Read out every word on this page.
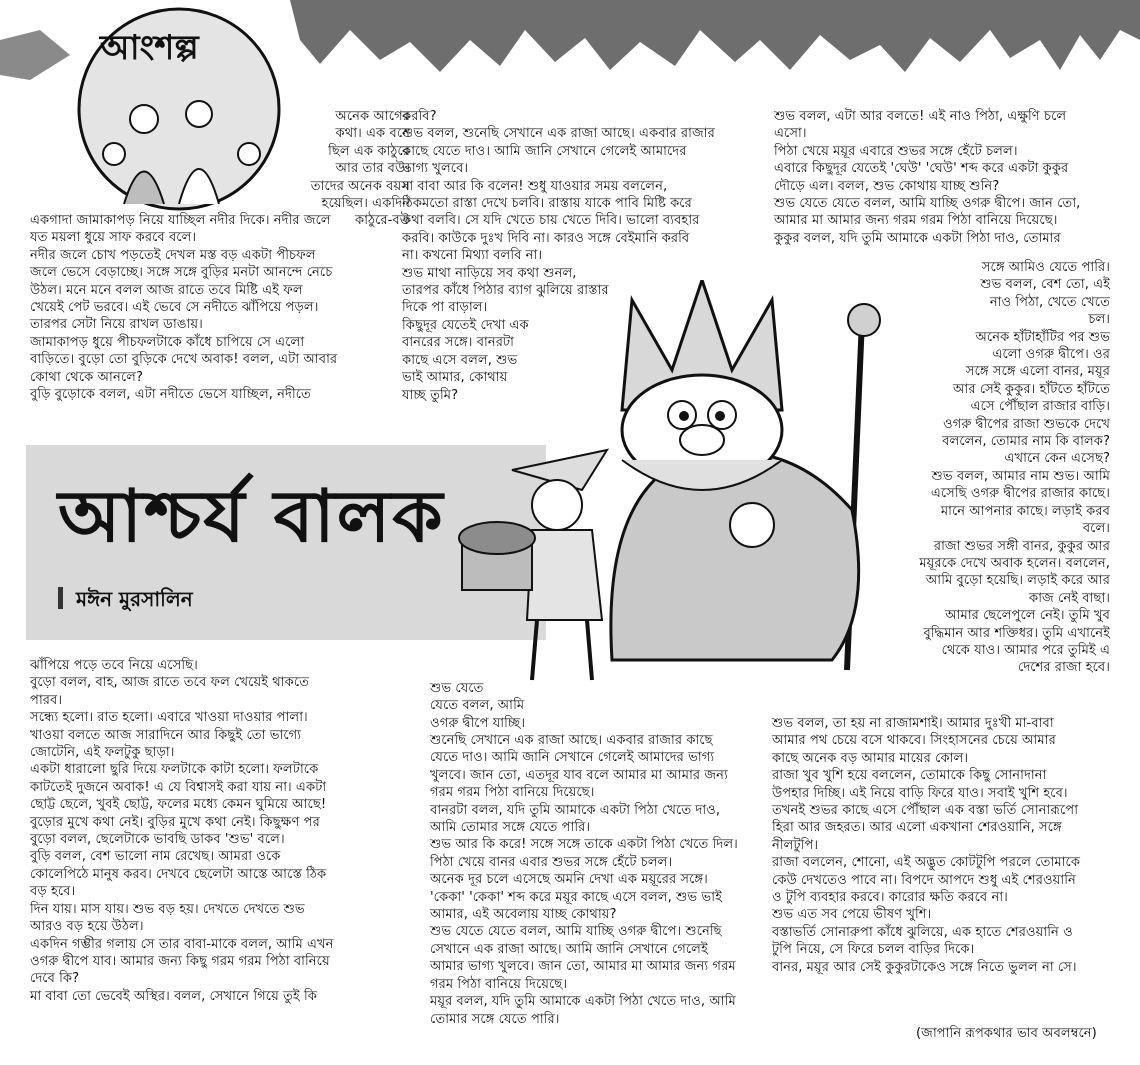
আংশল্প

অনেক আগের

কথা। এক বনে

ছিল এক কাঠুরে

আর তার বউ।

তাদের অনেক বয়স

হয়েছিল। একদিন কাঠুরে-বউ

একগাদা জামাকাপড় নিয়ে যাচ্ছিল নদীর দিকে। নদীর জলে

যত ময়লা ধুয়ে সাফ করবে বলে।

নদীর জলে চোখ পড়তেই দেখল মস্ত বড় একটা পীচফল

জলে ভেসে বেড়াচ্ছে। সঙ্গে সঙ্গে বুড়ির মনটা আনন্দে নেচে

উঠল। মনে মনে বলল আজ রাতে তবে মিষ্টি এই ফল

খেয়েই পেট ভরবে। এই ভেবে সে নদীতে ঝাঁপিয়ে পড়ল।

তারপর সেটা নিয়ে রাখল ডাঙায়।

জামাকাপড় ধুয়ে পীচফলটাকে কাঁধে চাপিয়ে সে এলো

বাড়িতে। বুড়ো তো বুড়িকে দেখে অবাক! বলল, এটা আবার

কোথা থেকে আনলে?

বুড়ি বুড়োকে বলল, এটা নদীতে ভেসে যাচ্ছিল, নদীতে

করবি?

শুভ বলল, শুনেছি সেখানে এক রাজা আছে। একবার রাজার

কাছে যেতে দাও। আমি জানি সেখানে গেলেই আমাদের

ভাগ্য খুলবে।

মা বাবা আর কি বলেন! শুধু যাওয়ার সময় বললেন,

ঠিকমতো রাস্তা দেখে চলবি। রাস্তায় যাকে পাবি মিষ্টি করে

কথা বলবি। সে যদি খেতে চায় খেতে দিবি। ভালো ব্যবহার

করবি। কাউকে দুঃখ দিবি না। কারও সঙ্গে বেইমানি করবি

না। কখনো মিথ্যা বলবি না।

শুভ মাথা নাড়িয়ে সব কথা শুনল,

তারপর কাঁধে পিঠার ব্যাগ ঝুলিয়ে রাস্তার

দিকে পা বাড়াল।

কিছুদূর যেতেই দেখা এক

বানরের সঙ্গে। বানরটা

কাছে এসে বলল, শুভ

ভাই আমার, কোথায়

যাচ্ছ তুমি?

শুভ বলল, এটা আর বলতে! এই নাও পিঠা, এক্ষুণি চলে

এসো।

পিঠা খেয়ে ময়ূর এবারে শুভর সঙ্গে হেঁটে চলল।

এবারে কিছুদূর যেতেই 'ঘেউ' 'ঘেউ' শব্দ করে একটা কুকুর

দৌড়ে এল। বলল, শুভ কোথায় যাচ্ছ শুনি?

শুভ যেতে যেতে বলল, আমি যাচ্ছি ওগরু দ্বীপে। জান তো,

আমার মা আমার জন্য গরম গরম পিঠা বানিয়ে দিয়েছে।

কুকুর বলল, যদি তুমি আমাকে একটা পিঠা দাও, তোমার

সঙ্গে আমিও যেতে পারি।

শুভ বলল, বেশ তো, এই

নাও পিঠা, খেতে খেতে

চল।

অনেক হাঁটাহাঁটির পর শুভ

এলো ওগরু দ্বীপে। ওর

সঙ্গে সঙ্গে এলো বানর, ময়ূর

আর সেই কুকুর। হাঁটতে হাঁটতে

এসে পৌঁছাল রাজার বাড়ি।

ওগরু দ্বীপের রাজা শুভকে দেখে

বললেন, তোমার নাম কি বালক?

এখানে কেন এসেছ?

শুভ বলল, আমার নাম শুভ। আমি

এসেছি ওগরু দ্বীপের রাজার কাছে।

মানে আপনার কাছে। লড়াই করব

বলে।

রাজা শুভর সঙ্গী বানর, কুকুর আর

ময়ূরকে দেখে অবাক হলেন। বললেন,

আমি বুড়ো হয়েছি। লড়াই করে আর

কাজ নেই বাছা।

আমার ছেলেপুলে নেই। তুমি খুব

বুদ্ধিমান আর শক্তিধর। তুমি এখানেই

থেকে যাও। আমার পরে তুমিই এ

দেশের রাজা হবে।

আশ্চর্য বালক
মঈন মুরসালিন

ঝাঁপিয়ে পড়ে তবে নিয়ে এসেছি।

বুড়ো বলল, বাহ, আজ রাতে তবে ফল খেয়েই থাকতে

পারব।

সন্ধ্যে হলো। রাত হলো। এবারে খাওয়া দাওয়ার পালা।

খাওয়া বলতে আজ সারাদিনে আর কিছুই তো ভাগ্যে

জোটেনি, এই ফলটুকু ছাড়া।

একটা ধারালো ছুরি দিয়ে ফলটাকে কাটা হলো। ফলটাকে

কাটতেই দুজনে অবাক! এ যে বিশ্বাসই করা যায় না। একটা

ছোট্ট ছেলে, খুবই ছোট্ট, ফলের মধ্যে কেমন ঘুমিয়ে আছে!

বুড়োর মুখে কথা নেই। বুড়ির মুখে কথা নেই। কিছুক্ষণ পর

বুড়ো বলল, ছেলেটাকে ভাবছি ডাকব 'শুভ' বলে।

বুড়ি বলল, বেশ ভালো নাম রেখেছ। আমরা ওকে

কোলেপিঠে মানুষ করব। দেখবে ছেলেটা আস্তে আস্তে ঠিক

বড় হবে।

দিন যায়। মাস যায়। শুভ বড় হয়। দেখতে দেখতে শুভ

আরও বড় হয়ে উঠল।

একদিন গম্ভীর গলায় সে তার বাবা-মাকে বলল, আমি এখন

ওগরু দ্বীপে যাব। আমার জন্য কিছু গরম গরম পিঠা বানিয়ে

দেবে কি?

মা বাবা তো ভেবেই অস্থির। বলল, সেখানে গিয়ে তুই কি

শুভ যেতে

যেতে বলল, আমি

ওগরু দ্বীপে যাচ্ছি।

শুনেছি সেখানে এক রাজা আছে। একবার রাজার কাছে

যেতে দাও। আমি জানি সেখানে গেলেই আমাদের ভাগ্য

খুলবে। জান তো, এতদূর যাব বলে আমার মা আমার জন্য

গরম গরম পিঠা বানিয়ে দিয়েছে।

বানরটা বলল, যদি তুমি আমাকে একটা পিঠা খেতে দাও,

আমি তোমার সঙ্গে যেতে পারি।

শুভ আর কি করে! সঙ্গে সঙ্গে তাকে একটা পিঠা খেতে দিল।

পিঠা খেয়ে বানর এবার শুভর সঙ্গে হেঁটে চলল।

অনেক দূর চলে এসেছে অমনি দেখা এক ময়ূরের সঙ্গে।

'কেকা' 'কেকা' শব্দ করে ময়ূর কাছে এসে বলল, শুভ ভাই

আমার, এই অবেলায় যাচ্ছ কোথায়?

শুভ যেতে যেতে বলল, আমি যাচ্ছি ওগরু দ্বীপে। শুনেছি

সেখানে এক রাজা আছে। আমি জানি সেখানে গেলেই

আমার ভাগ্য খুলবে। জান তো, আমার মা আমার জন্য গরম

গরম পিঠা বানিয়ে দিয়েছে।

ময়ূর বলল, যদি তুমি আমাকে একটা পিঠা খেতে দাও, আমি

তোমার সঙ্গে যেতে পারি।

শুভ বলল, তা হয় না রাজামশাই। আমার দুঃখী মা-বাবা

আমার পথ চেয়ে বসে থাকবে। সিংহাসনের চেয়ে আমার

কাছে অনেক বড় আমার মায়ের কোল।

রাজা খুব খুশি হয়ে বললেন, তোমাকে কিছু সোনাদানা

উপহার দিচ্ছি। এই নিয়ে বাড়ি ফিরে যাও। সবাই খুশি হবে।

তখনই শুভর কাছে এসে পৌঁছাল এক বস্তা ভর্তি সোনারূপো

হিরা আর জহরত। আর এলো একখানা শেরওয়ানি, সঙ্গে

নীলটুপি।

রাজা বললেন, শোনো, এই অদ্ভুত কোটটুপি পরলে তোমাকে

কেউ দেখতেও পাবে না। বিপদে আপদে শুধু এই শেরওয়ানি

ও টুপি ব্যবহার করবে। কারোর ক্ষতি করবে না।

শুভ এত সব পেয়ে ভীষণ খুশি।

বস্তাভর্তি সোনারুপা কাঁধে ঝুলিয়ে, এক হাতে শেরওয়ানি ও

টুপি নিয়ে, সে ফিরে চলল বাড়ির দিকে।

বানর, ময়ূর আর সেই কুকুরটাকেও সঙ্গে নিতে ভুলল না সে।

(জাপানি রূপকথার ভাব অবলম্বনে)
